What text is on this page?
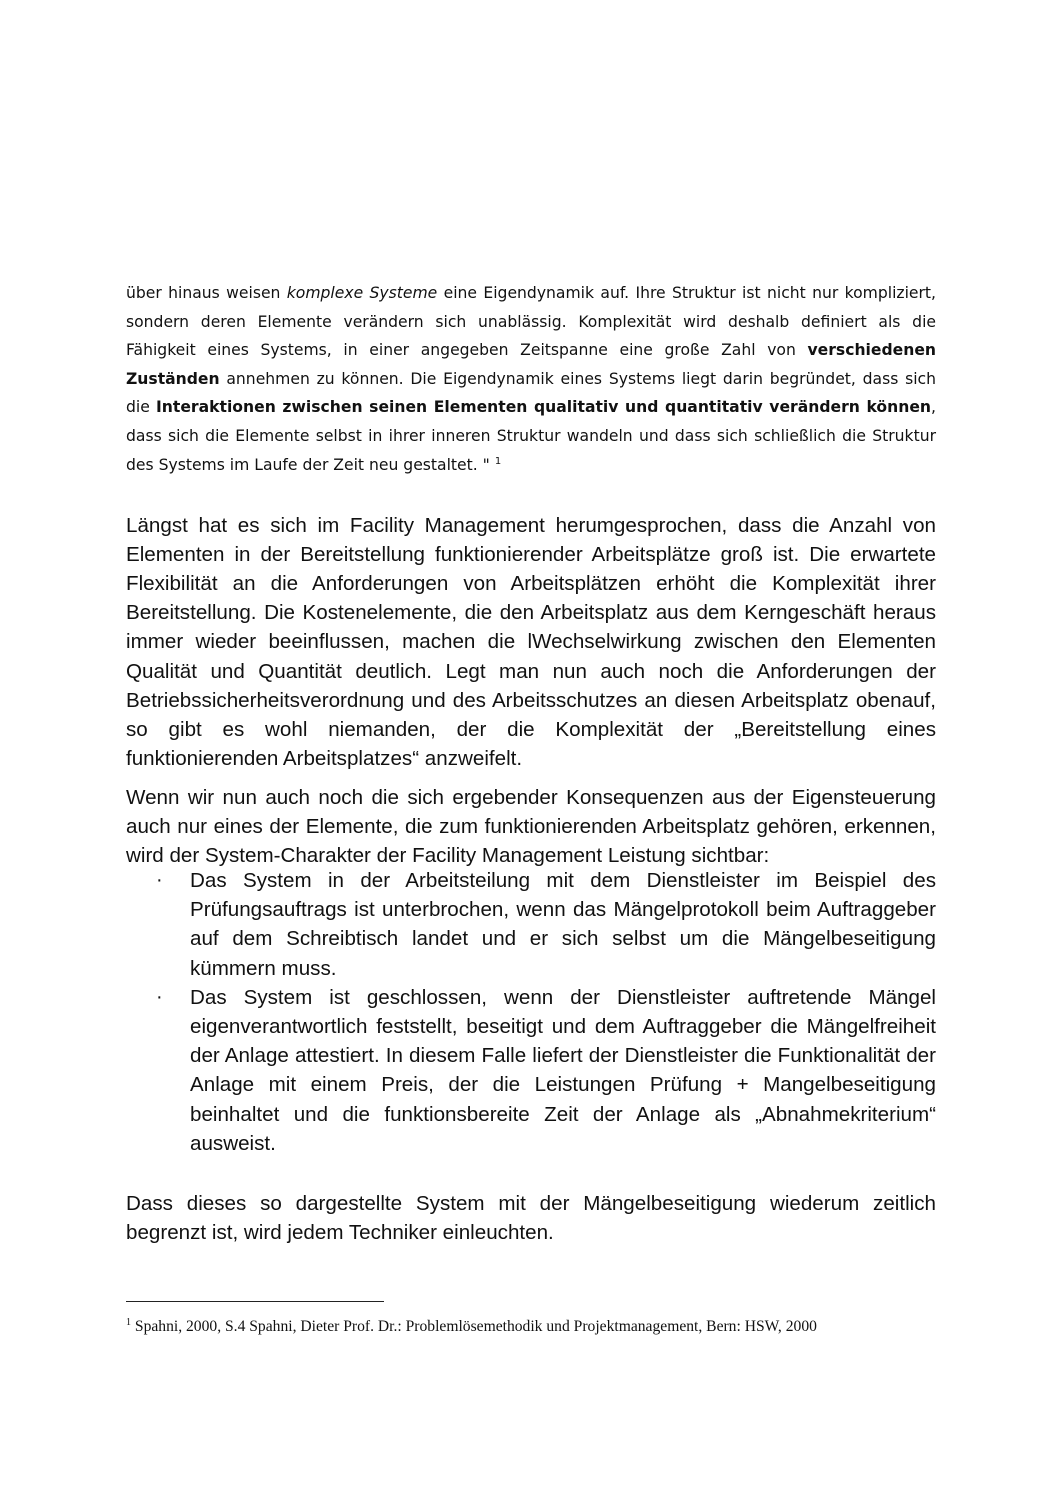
über hinaus weisen komplexe Systeme eine Eigendynamik auf. Ihre Struktur ist nicht nur kompliziert, sondern deren Elemente verändern sich unablässig. Komplexität wird deshalb definiert als die Fähigkeit eines Systems, in einer angegeben Zeitspanne eine große Zahl von verschiedenen Zuständen annehmen zu können. Die Eigendynamik eines Systems liegt darin begründet, dass sich die Interaktionen zwischen seinen Elementen qualitativ und quantitativ verändern können, dass sich die Elemente selbst in ihrer inneren Struktur wandeln und dass sich schließlich die Struktur des Systems im Laufe der Zeit neu gestaltet. " $^1$

Längst hat es sich im Facility Management herumgesprochen, dass die Anzahl von Elementen in der Bereitstellung funktionierender Arbeitsplätze groß ist. Die erwartete Flexibilität an die Anforderungen von Arbeitsplätzen erhöht die Komplexität ihrer Bereitstellung. Die Kostenelemente, die den Arbeitsplatz aus dem Kerngeschäft heraus immer wieder beeinflussen, machen die lWechselwirkung zwischen den Elementen Qualität und Quantität deutlich. Legt man nun auch noch die Anforderungen der Betriebssicherheitsverordnung und des Arbeitsschutzes an diesen Arbeitsplatz obenauf, so gibt es wohl niemanden, der die Komplexität der „Bereitstellung eines funktionierenden Arbeitsplatzes“ anzweifelt.

Wenn wir nun auch noch die sich ergebender Konsequenzen aus der Eigensteuerung auch nur eines der Elemente, die zum funktionierenden Arbeitsplatz gehören, erkennen, wird der System-Charakter der Facility Management Leistung sichtbar:

· Das System in der Arbeitsteilung mit dem Dienstleister im Beispiel des Prüfungsauftrags ist unterbrochen, wenn das Mängelprotokoll beim Auftraggeber auf dem Schreibtisch landet und er sich selbst um die Mängelbeseitigung kümmern muss.
· Das System ist geschlossen, wenn der Dienstleister auftretende Mängel eigenverantwortlich feststellt, beseitigt und dem Auftraggeber die Mängelfreiheit der Anlage attestiert. In diesem Falle liefert der Dienstleister die Funktionalität der Anlage mit einem Preis, der die Leistungen Prüfung + Mangelbeseitigung beinhaltet und die funktionsbereite Zeit der Anlage als „Abnahmekriterium“ ausweist.

Dass dieses so dargestellte System mit der Mängelbeseitigung wiederum zeitlich begrenzt ist, wird jedem Techniker einleuchten.

$^1$ Spahni, 2000, S.4 Spahni, Dieter Prof. Dr.: Problemlösemethodik und Projektmanagement, Bern: HSW, 2000
